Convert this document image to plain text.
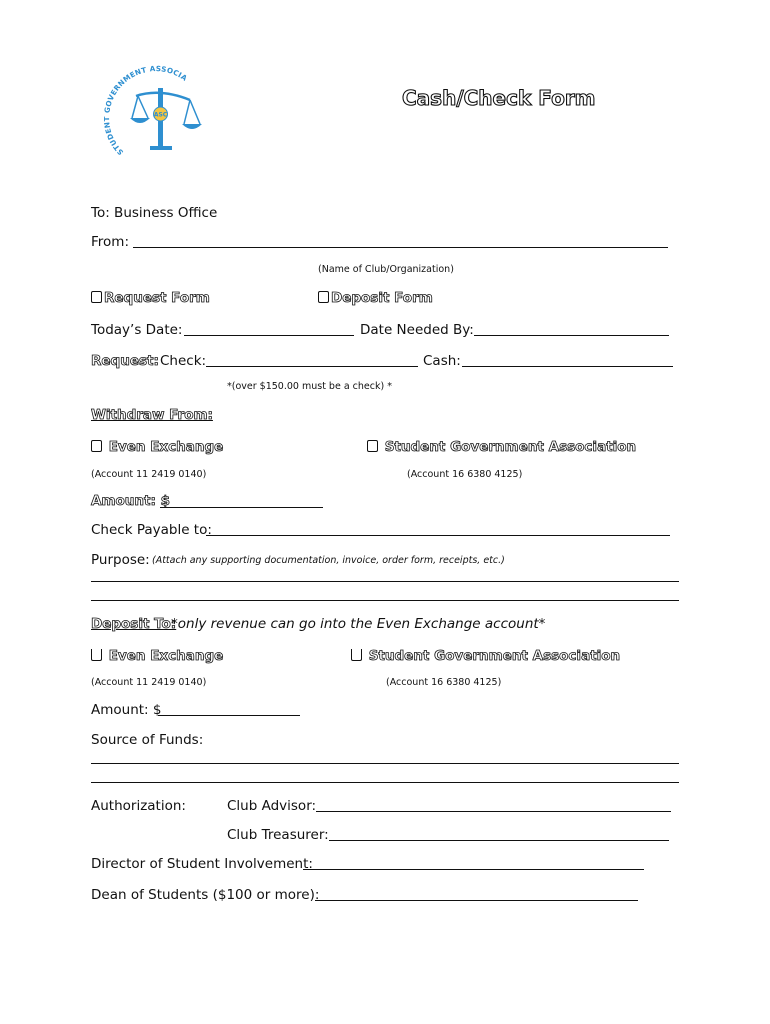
STUDE OVERNMENT ASSOCIA
ASC
Cash/Check Form
To: Business Office
From:
(Name of Club/Organization)
Request Form	Deposit Form
Today’s Date:	Date Needed By:
Request: Check:	Cash:
*(over $150.00 must be a check) *
Withdraw From:
Even Exchange	Student Government Association
(Account 11 2419 0140)	(Account 16 6380 4125)
Amount: $
Check Payable to:
Purpose: (Attach any supporting documentation, invoice, order form, receipts, etc.)
Deposit To:
*only revenue can go into the Even Exchange account*
Even Exchange	Student Government Association
(Account 11 2419 0140)	(Account 16 6380 4125)
Amount: $
Source of Funds:
Authorization:	Club Advisor:
Club Treasurer:
Director of Student Involvement:
Dean of Students ($100 or more):
